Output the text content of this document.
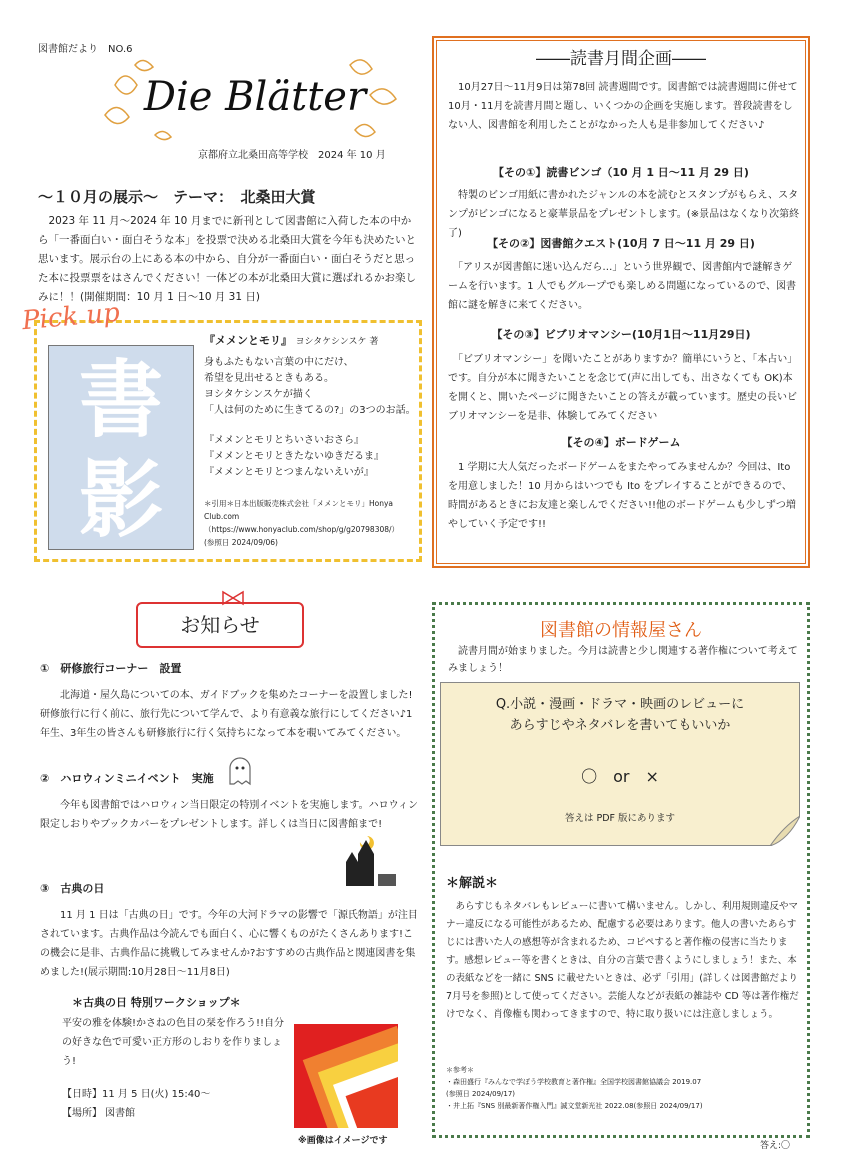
図書館だより　NO.6
Die Blätter
京都府立北桑田高等学校　2024 年 10 月
～１０月の展示～　テーマ：　北桑田大賞
　2023 年 11 月～2024 年 10 月までに新刊として図書館に入荷した本の中から「一番面白い・面白そうな本」を投票で決める北桑田大賞を今年も決めたいと思います。展示台の上にある本の中から、自分が一番面白い・面白そうだと思った本に投票票をはさんでください！一体どの本が北桑田大賞に選ばれるかお楽しみに！！(開催期間：10 月 1 日～10 月 31 日)
Pick up
書
影
『メメンとモリ』 ヨシタケシンスケ 著
身もふたもない言葉の中にだけ、
希望を見出せるときもある。
ヨシタケシンスケが描く
「人は何のために生きてるの?」の3つのお話。
『メメンとモリとちいさいおさら』
『メメンとモリときたないゆきだるま』
『メメンとモリとつまんないえいが』
＊引用＊日本出版販売株式会社「メメンとモリ」Honya Club.com
（https://www.honyaclub.com/shop/g/g20798308/）
(参照日 2024/09/06)
――読書月間企画――
　10月27日～11月9日は第78回 読書週間です。図書館では読書週間に併せて10月・11月を読書月間と題し、いくつかの企画を実施します。普段読書をしない人、図書館を利用したことがなかった人も是非参加してください♪
【その①】読書ビンゴ（10 月 1 日～11 月 29 日)
　特製のビンゴ用紙に書かれたジャンルの本を読むとスタンプがもらえ、スタンプがビンゴになると豪華景品をプレゼントします。(※景品はなくなり次第終了)
【その②】図書館クエスト(10月 7 日～11 月 29 日)
　「アリスが図書館に迷い込んだら…」という世界観で、図書館内で謎解きゲームを行います。1 人でもグループでも楽しめる問題になっているので、図書館に謎を解きに来てください。
【その③】ビブリオマンシー(10月1日～11月29日)
　「ビブリオマンシー」を聞いたことがありますか？簡単にいうと、「本占い」です。自分が本に聞きたいことを念じて(声に出しても、出さなくても OK)本を開くと、開いたページに聞きたいことの答えが載っています。歴史の長いビブリオマンシーを是非、体験してみてください
【その④】ボードゲーム
　1 学期に大人気だったボードゲームをまたやってみませんか？今回は、Ito を用意しました！10 月からはいつでも Ito をプレイすることができるので、時間があるときにお友達と楽しんでください!!他のボードゲームも少しずつ増やしていく予定です!!
お知らせ
①　研修旅行コーナー　設置
　　北海道・屋久島についての本、ガイドブックを集めたコーナーを設置しました!研修旅行に行く前に、旅行先について学んで、より有意義な旅行にしてください♪1年生、3年生の皆さんも研修旅行に行く気持ちになって本を覗いてみてください。
②　ハロウィンミニイベント　実施
　　今年も図書館ではハロウィン当日限定の特別イベントを実施します。ハロウィン限定しおりやブックカバーをプレゼントします。詳しくは当日に図書館まで!
③　古典の日
　　11 月 1 日は「古典の日」です。今年の大河ドラマの影響で「源氏物語」が注目されています。古典作品は今読んでも面白く、心に響くものがたくさんあります!この機会に是非、古典作品に挑戦してみませんか?おすすめの古典作品と関連図書を集めました!(展示期間:10月28日～11月8日)
＊古典の日 特別ワークショップ＊
平安の雅を体験!かさねの色目の栞を作ろう!!自分の好きな色で可愛い正方形のしおりを作りましょう!
【日時】11 月 5 日(火) 15:40～
【場所】 図書館
※画像はイメージです
図書館の情報屋さん
　読書月間が始まりました。今月は読書と少し関連する著作権について考えてみましょう！
Q.小説・漫画・ドラマ・映画のレビューに
あらすじやネタバレを書いてもいいか
〇　or　×
答えは PDF 版にあります
＊解説＊
　あらすじもネタバレもレビューに書いて構いません。しかし、利用規則違反やマナー違反になる可能性があるため、配慮する必要はあります。他人の書いたあらすじには書いた人の感想等が含まれるため、コピペすると著作権の侵害に当たります。感想レビュー等を書くときは、自分の言葉で書くようにしましょう！また、本の表紙などを一緒に SNS に載せたいときは、必ず「引用」(詳しくは図書館だより 7月号を参照)として使ってください。芸能人などが表紙の雑誌や CD 等は著作権だけでなく、肖像権も関わってきますので、特に取り扱いには注意しましょう。
＊参考＊
・森田盛行『みんなで学ぼう学校教育と著作権』全国学校図書館協議会 2019.07
(参照日 2024/09/17)
・井上拓『SNS 別最新著作権入門』誠文堂新光社 2022.08(参照日 2024/09/17)
答え:〇
